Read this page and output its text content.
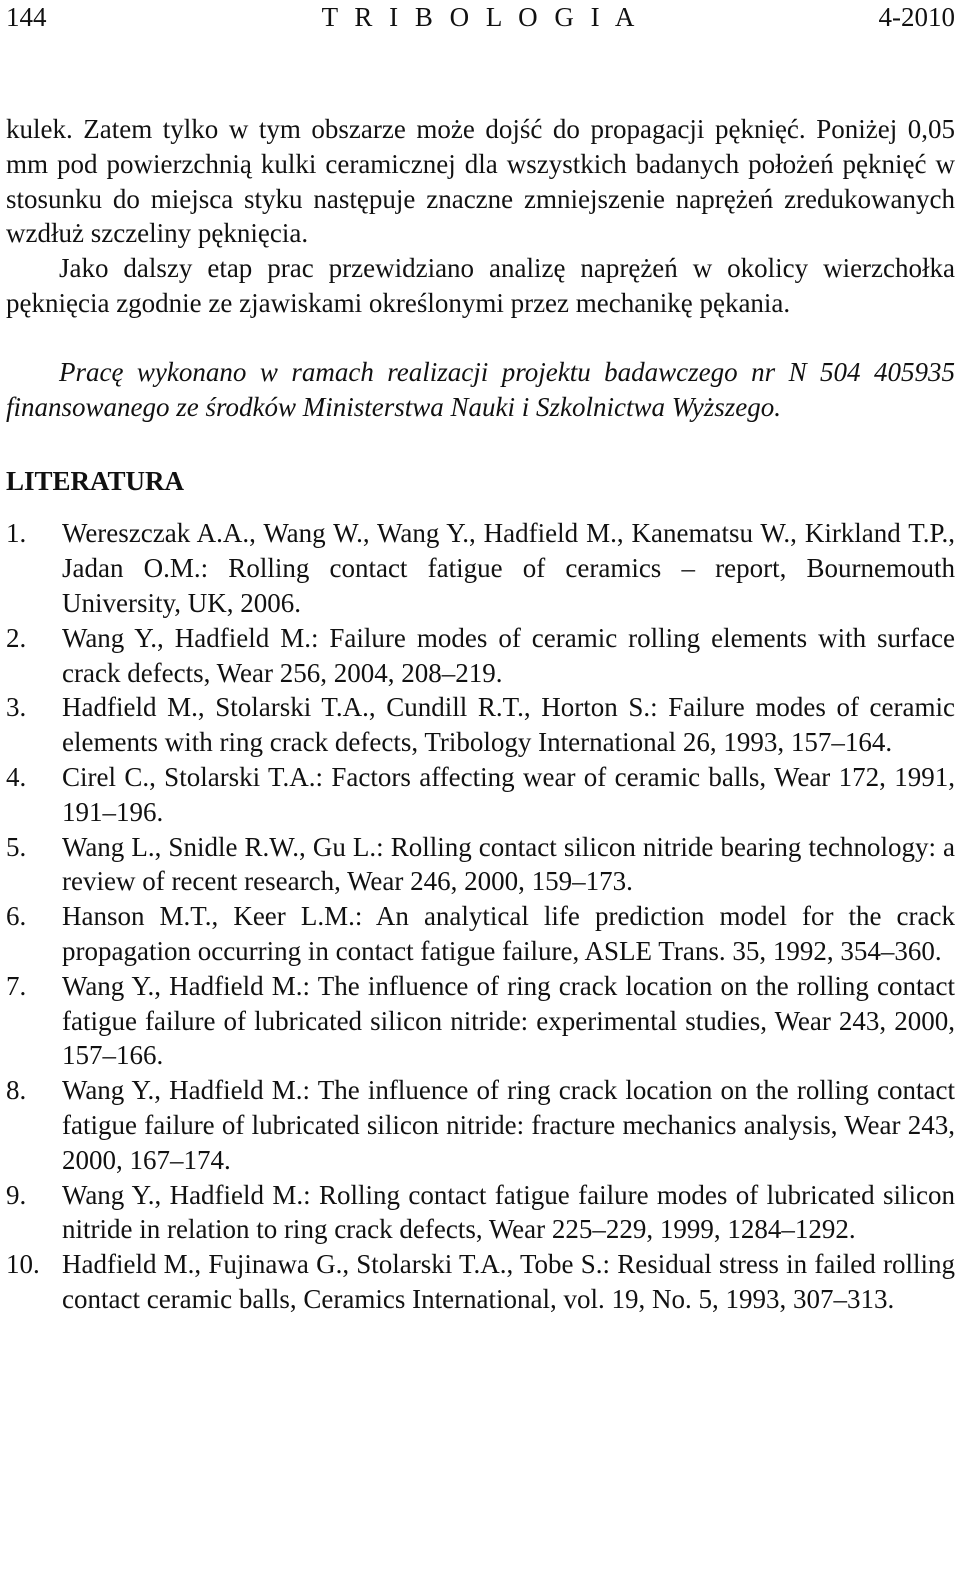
144	T R I B O L O G I A	4-2010

kulek. Zatem tylko w tym obszarze może dojść do propagacji pęknięć. Poniżej 0,05 mm pod powierzchnią kulki ceramicznej dla wszystkich badanych położeń pęknięć w stosunku do miejsca styku następuje znaczne zmniejszenie naprężeń zredukowanych wzdłuż szczeliny pęknięcia.

Jako dalszy etap prac przewidziano analizę naprężeń w okolicy wierzchołka pęknięcia zgodnie ze zjawiskami określonymi przez mechanikę pękania.

Pracę wykonano w ramach realizacji projektu badawczego nr N 504 405935 finansowanego ze środków Ministerstwa Nauki i Szkolnictwa Wyższego.

LITERATURA
1. Wereszczak A.A., Wang W., Wang Y., Hadfield M., Kanematsu W., Kirkland T.P., Jadan O.M.: Rolling contact fatigue of ceramics – report, Bournemouth University, UK, 2006.
2. Wang Y., Hadfield M.: Failure modes of ceramic rolling elements with surface crack defects, Wear 256, 2004, 208–219.
3. Hadfield M., Stolarski T.A., Cundill R.T., Horton S.: Failure modes of ceramic elements with ring crack defects, Tribology International 26, 1993, 157–164.
4. Cirel C., Stolarski T.A.: Factors affecting wear of ceramic balls, Wear 172, 1991, 191–196.
5. Wang L., Snidle R.W., Gu L.: Rolling contact silicon nitride bearing technology: a review of recent research, Wear 246, 2000, 159–173.
6. Hanson M.T., Keer L.M.: An analytical life prediction model for the crack propagation occurring in contact fatigue failure, ASLE Trans. 35, 1992, 354–360.
7. Wang Y., Hadfield M.: The influence of ring crack location on the rolling contact fatigue failure of lubricated silicon nitride: experimental studies, Wear 243, 2000, 157–166.
8. Wang Y., Hadfield M.: The influence of ring crack location on the rolling contact fatigue failure of lubricated silicon nitride: fracture mechanics analysis, Wear 243, 2000, 167–174.
9. Wang Y., Hadfield M.: Rolling contact fatigue failure modes of lubricated silicon nitride in relation to ring crack defects, Wear 225–229, 1999, 1284–1292.
10. Hadfield M., Fujinawa G., Stolarski T.A., Tobe S.: Residual stress in failed rolling contact ceramic balls, Ceramics International, vol. 19, No. 5, 1993, 307–313.
